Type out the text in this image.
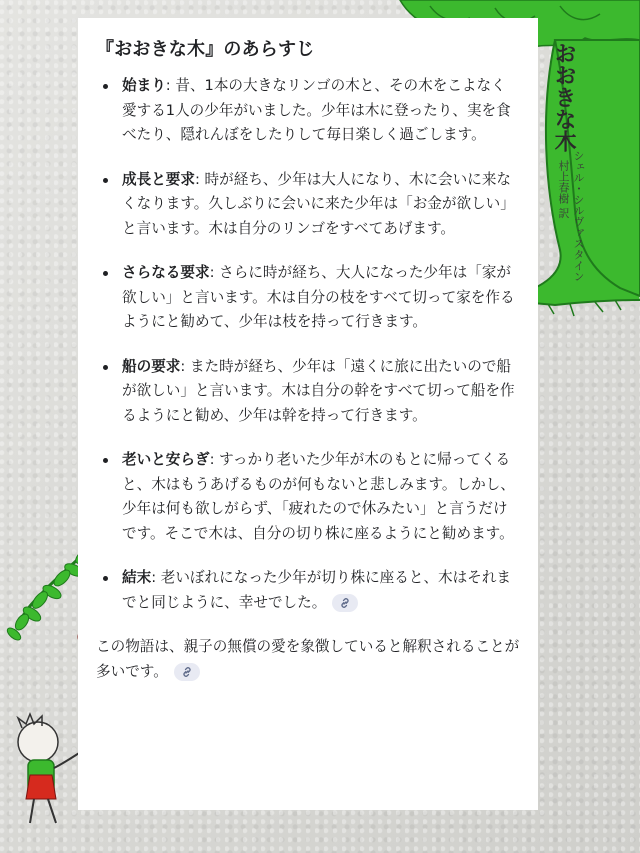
おおきな木
シェル・シルヴァスタイン
村上春樹 訳
『おおきな木』のあらすじ
始まり: 昔、1本の大きなリンゴの木と、その木をこよなく愛する1人の少年がいました。少年は木に登ったり、実を食べたり、隠れんぼをしたりして毎日楽しく過ごします。
成長と要求: 時が経ち、少年は大人になり、木に会いに来なくなります。久しぶりに会いに来た少年は「お金が欲しい」と言います。木は自分のリンゴをすべてあげます。
さらなる要求: さらに時が経ち、大人になった少年は「家が欲しい」と言います。木は自分の枝をすべて切って家を作るようにと勧めて、少年は枝を持って行きます。
船の要求: また時が経ち、少年は「遠くに旅に出たいので船が欲しい」と言います。木は自分の幹をすべて切って船を作るようにと勧め、少年は幹を持って行きます。
老いと安らぎ: すっかり老いた少年が木のもとに帰ってくると、木はもうあげるものが何もないと悲しみます。しかし、少年は何も欲しがらず、「疲れたので休みたい」と言うだけです。そこで木は、自分の切り株に座るようにと勧めます。
結末: 老いぼれになった少年が切り株に座ると、木はそれまでと同じように、幸せでした。

この物語は、親子の無償の愛を象徴していると解釈されることが多いです。
